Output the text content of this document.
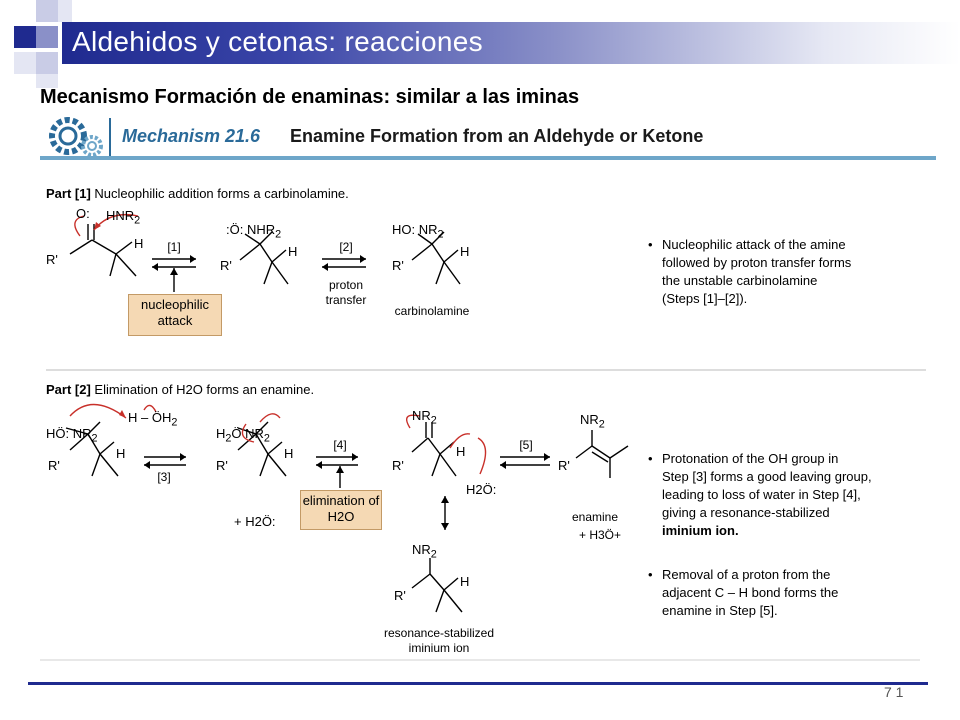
Aldehidos y cetonas: reacciones
Mecanismo Formación de enaminas: similar a las iminas
Mechanism 21.6 Enamine Formation from an Aldehyde or Ketone
Part [1] Nucleophilic addition forms a carbinolamine.
O: $HNR_2$
H
R'
:Ö: $NHR_2$
H
R'
HO: $NR_2$
H
R'
[1]	[2]
proton transfer
nucleophilic attack
carbinolamine
• Nucleophilic attack of the amine
followed by proton transfer forms
the unstable carbinolamine
(Steps [1]–[2]).
Part [2] Elimination of H2O forms an enamine.
HÖ: $NR_2$
H – $ÖH_2$
H
R'
$H_2Ö$ $NR_2$
H
R'
$NR_2$
H
R'
$NR_2$
R'
$NR_2$
H
R'
[3]
[4]	[5]
+ H2Ö:
H2Ö:
elimination of H2O	enamine
+ H3Ö+
resonance-stabilized iminium ion
• Protonation of the OH group in
Step [3] forms a good leaving group,
leading to loss of water in Step [4],
giving a resonance-stabilized
iminium ion.
• Removal of a proton from the
adjacent C – H bond forms the
enamine in Step [5].
7 1
